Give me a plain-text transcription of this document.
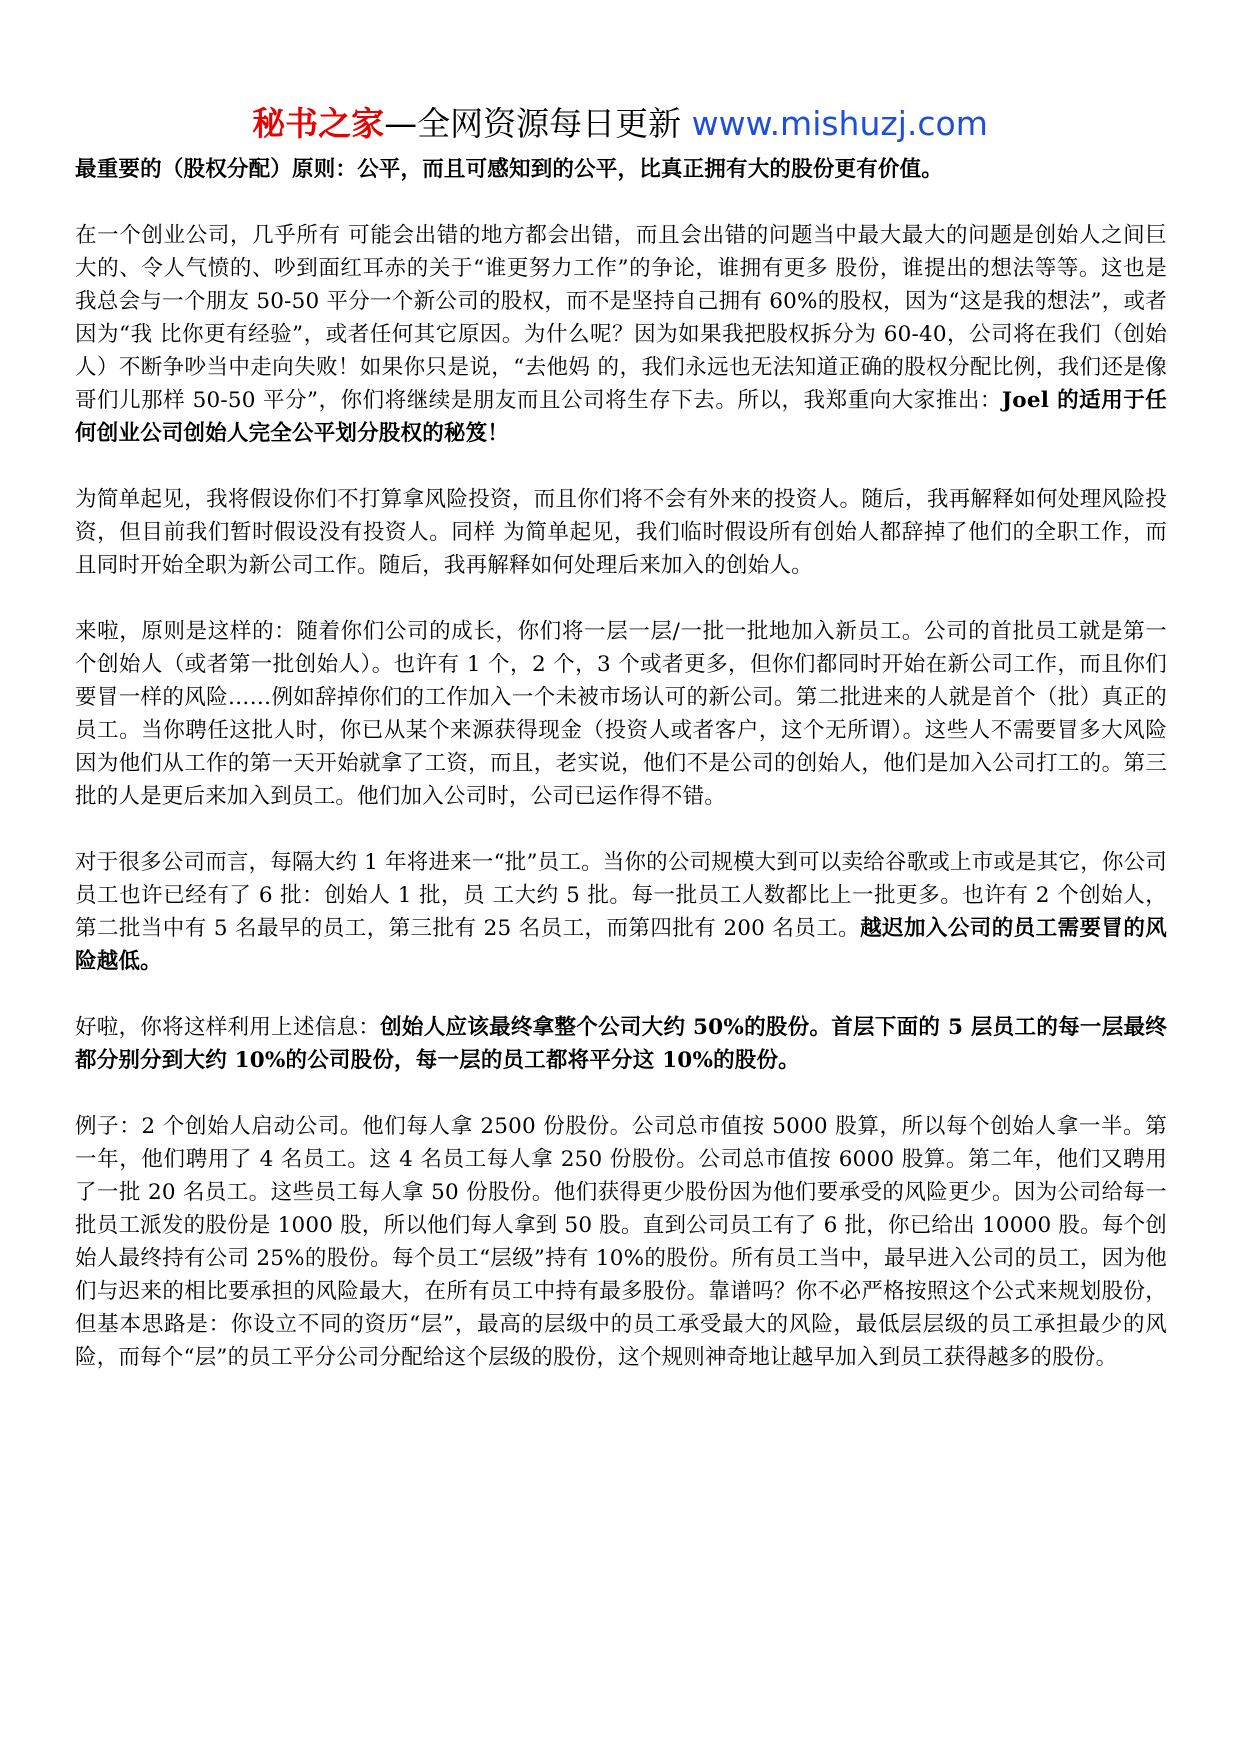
秘书之家—全网资源每日更新 www.mishuzj.com

最重要的（股权分配）原则：公平，而且可感知到的公平，比真正拥有大的股份更有价值。

在一个创业公司，几乎所有 可能会出错的地方都会出错，而且会出错的问题当中最大最大的问题是创始人之间巨大的、令人气愤的、吵到面红耳赤的关于“谁更努力工作”的争论，谁拥有更多 股份，谁提出的想法等等。这也是我总会与一个朋友 50-50 平分一个新公司的股权，而不是坚持自己拥有 60%的股权，因为“这是我的想法”，或者因为“我 比你更有经验”，或者任何其它原因。为什么呢？因为如果我把股权拆分为 60-40，公司将在我们（创始人）不断争吵当中走向失败！如果你只是说，“去他妈 的，我们永远也无法知道正确的股权分配比例，我们还是像哥们儿那样 50-50 平分”，你们将继续是朋友而且公司将生存下去。所以，我郑重向大家推出：Joel 的适用于任何创业公司创始人完全公平划分股权的秘笈！

为简单起见，我将假设你们不打算拿风险投资，而且你们将不会有外来的投资人。随后，我再解释如何处理风险投资，但目前我们暂时假设没有投资人。同样 为简单起见，我们临时假设所有创始人都辞掉了他们的全职工作，而且同时开始全职为新公司工作。随后，我再解释如何处理后来加入的创始人。

来啦，原则是这样的：随着你们公司的成长，你们将一层一层/一批一批地加入新员工。公司的首批员工就是第一个创始人（或者第一批创始人）。也许有 1 个，2 个，3 个或者更多，但你们都同时开始在新公司工作，而且你们要冒一样的风险……例如辞掉你们的工作加入一个未被市场认可的新公司。第二批进来的人就是首个（批）真正的员工。当你聘任这批人时，你已从某个来源获得现金（投资人或者客户，这个无所谓）。这些人不需要冒多大风险因为他们从工作的第一天开始就拿了工资，而且，老实说，他们不是公司的创始人，他们是加入公司打工的。第三批的人是更后来加入到员工。他们加入公司时，公司已运作得不错。

对于很多公司而言，每隔大约 1 年将进来一“批”员工。当你的公司规模大到可以卖给谷歌或上市或是其它，你公司员工也许已经有了 6 批：创始人 1 批，员 工大约 5 批。每一批员工人数都比上一批更多。也许有 2 个创始人，第二批当中有 5 名最早的员工，第三批有 25 名员工，而第四批有 200 名员工。越迟加入公司的员工需要冒的风险越低。

好啦，你将这样利用上述信息：创始人应该最终拿整个公司大约 50%的股份。首层下面的 5 层员工的每一层最终都分别分到大约 10%的公司股份，每一层的员工都将平分这 10%的股份。

例子：2 个创始人启动公司。他们每人拿 2500 份股份。公司总市值按 5000 股算，所以每个创始人拿一半。第一年，他们聘用了 4 名员工。这 4 名员工每人拿 250 份股份。公司总市值按 6000 股算。第二年，他们又聘用了一批 20 名员工。这些员工每人拿 50 份股份。他们获得更少股份因为他们要承受的风险更少。因为公司给每一批员工派发的股份是 1000 股，所以他们每人拿到 50 股。直到公司员工有了 6 批，你已给出 10000 股。每个创始人最终持有公司 25%的股份。每个员工“层级”持有 10%的股份。所有员工当中，最早进入公司的员工，因为他们与迟来的相比要承担的风险最大，在所有员工中持有最多股份。靠谱吗？你不必严格按照这个公式来规划股份，但基本思路是：你设立不同的资历“层”，最高的层级中的员工承受最大的风险，最低层层级的员工承担最少的风险，而每个“层”的员工平分公司分配给这个层级的股份，这个规则神奇地让越早加入到员工获得越多的股份。
